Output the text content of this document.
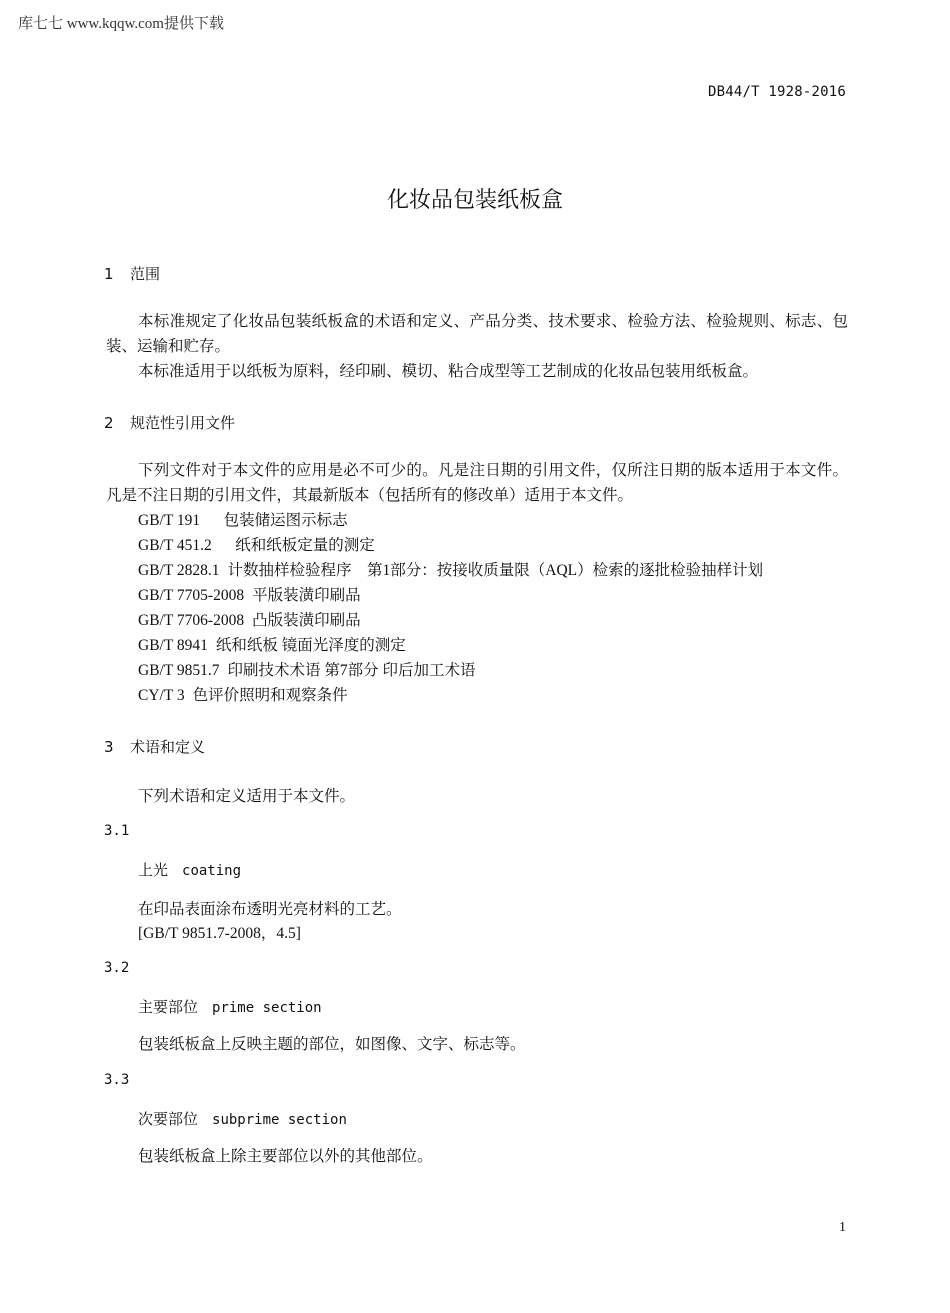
库七七 www.kqqw.com提供下载
DB44/T 1928-2016
化妆品包装纸板盒
1 范围
本标准规定了化妆品包装纸板盒的术语和定义、产品分类、技术要求、检验方法、检验规则、标志、包装、运输和贮存。
本标准适用于以纸板为原料，经印刷、模切、粘合成型等工艺制成的化妆品包装用纸板盒。
2 规范性引用文件
下列文件对于本文件的应用是必不可少的。凡是注日期的引用文件，仅所注日期的版本适用于本文件。凡是不注日期的引用文件，其最新版本（包括所有的修改单）适用于本文件。
GB/T 191　 包装储运图示标志
GB/T 451.2　 纸和纸板定量的测定
GB/T 2828.1 计数抽样检验程序　第1部分：按接收质量限（AQL）检索的逐批检验抽样计划
GB/T 7705-2008 平版装潢印刷品
GB/T 7706-2008 凸版装潢印刷品
GB/T 8941 纸和纸板 镜面光泽度的测定
GB/T 9851.7 印刷技术术语 第7部分 印后加工术语
CY/T 3 色评价照明和观察条件
3 术语和定义
下列术语和定义适用于本文件。
3.1
上光 coating
在印品表面涂布透明光亮材料的工艺。
[GB/T 9851.7-2008，4.5]
3.2
主要部位 prime section
包装纸板盒上反映主题的部位，如图像、文字、标志等。
3.3
次要部位 subprime section
包装纸板盒上除主要部位以外的其他部位。
1
